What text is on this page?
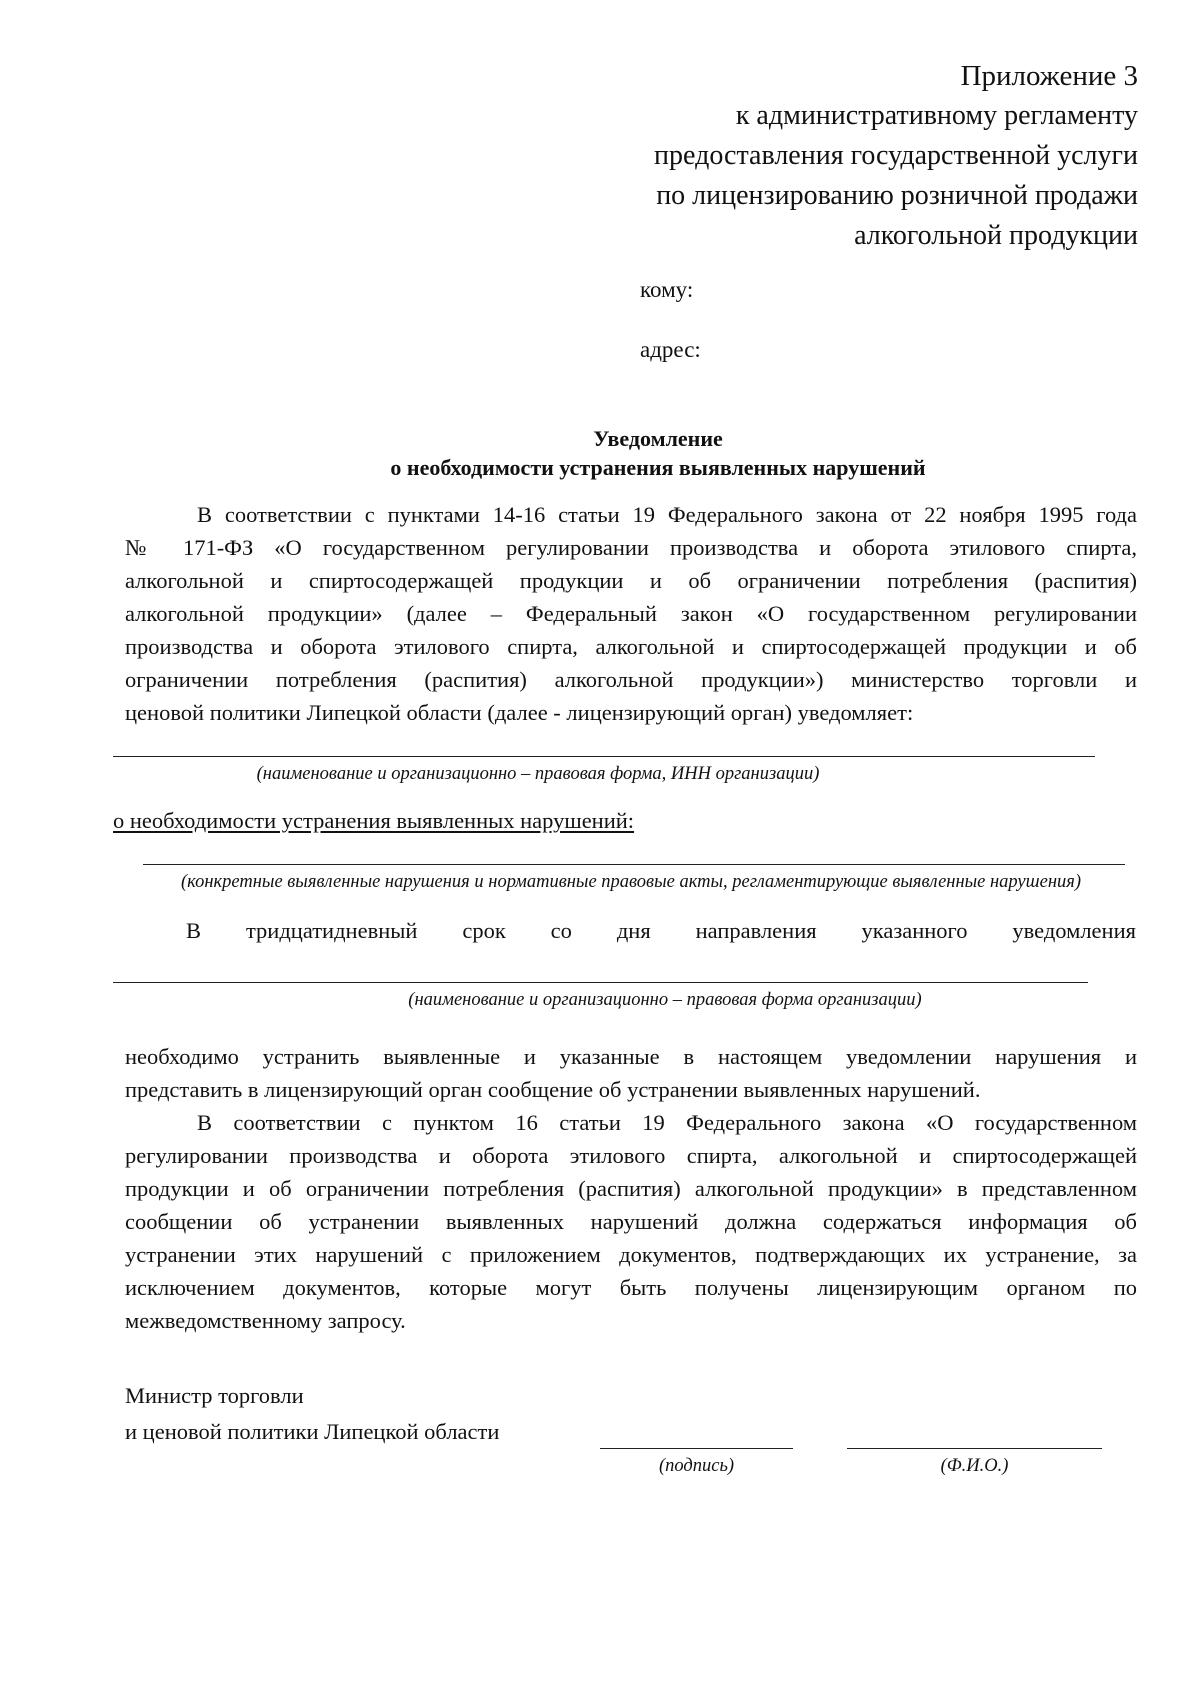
Приложение 3
к административному регламенту
предоставления государственной услуги
по лицензированию розничной продажи
алкогольной продукции
кому:
адрес:
Уведомление
о необходимости устранения выявленных нарушений
В соответствии с пунктами 14-16 статьи 19 Федерального закона от 22 ноября 1995 года
№ 171-ФЗ «О государственном регулировании производства и оборота этилового спирта,
алкогольной и спиртосодержащей продукции и об ограничении потребления (распития)
алкогольной продукции» (далее – Федеральный закон «О государственном регулировании
производства и оборота этилового спирта, алкогольной и спиртосодержащей продукции и об
ограничении потребления (распития) алкогольной продукции») министерство торговли и
ценовой политики Липецкой области (далее - лицензирующий орган) уведомляет:
(наименование и организационно – правовая форма, ИНН организации)
о необходимости устранения выявленных нарушений:
(конкретные выявленные нарушения и нормативные правовые акты, регламентирующие выявленные нарушения)
В тридцатидневный срок со дня направления указанного уведомления
(наименование и организационно – правовая форма организации)
необходимо устранить выявленные и указанные в настоящем уведомлении нарушения и
представить в лицензирующий орган сообщение об устранении выявленных нарушений.
В соответствии с пунктом 16 статьи 19 Федерального закона «О государственном
регулировании производства и оборота этилового спирта, алкогольной и спиртосодержащей
продукции и об ограничении потребления (распития) алкогольной продукции» в представленном
сообщении об устранении выявленных нарушений должна содержаться информация об
устранении этих нарушений с приложением документов, подтверждающих их устранение, за
исключением документов, которые могут быть получены лицензирующим органом по
межведомственному запросу.
Министр торговли
и ценовой политики Липецкой области
(подпись)	(Ф.И.О.)
